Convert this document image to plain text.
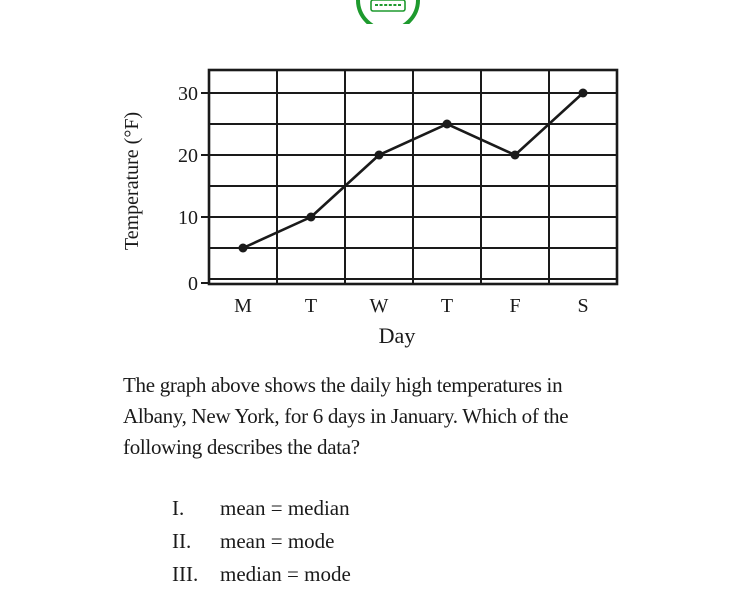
0
10
20
30
M	T	W	T	F	S
Temperature (°F)
Day
The graph above shows the daily high temperatures in
Albany, New York, for 6 days in January. Which of the
following describes the data?
I. mean = median
II. mean = mode
III. median = mode
